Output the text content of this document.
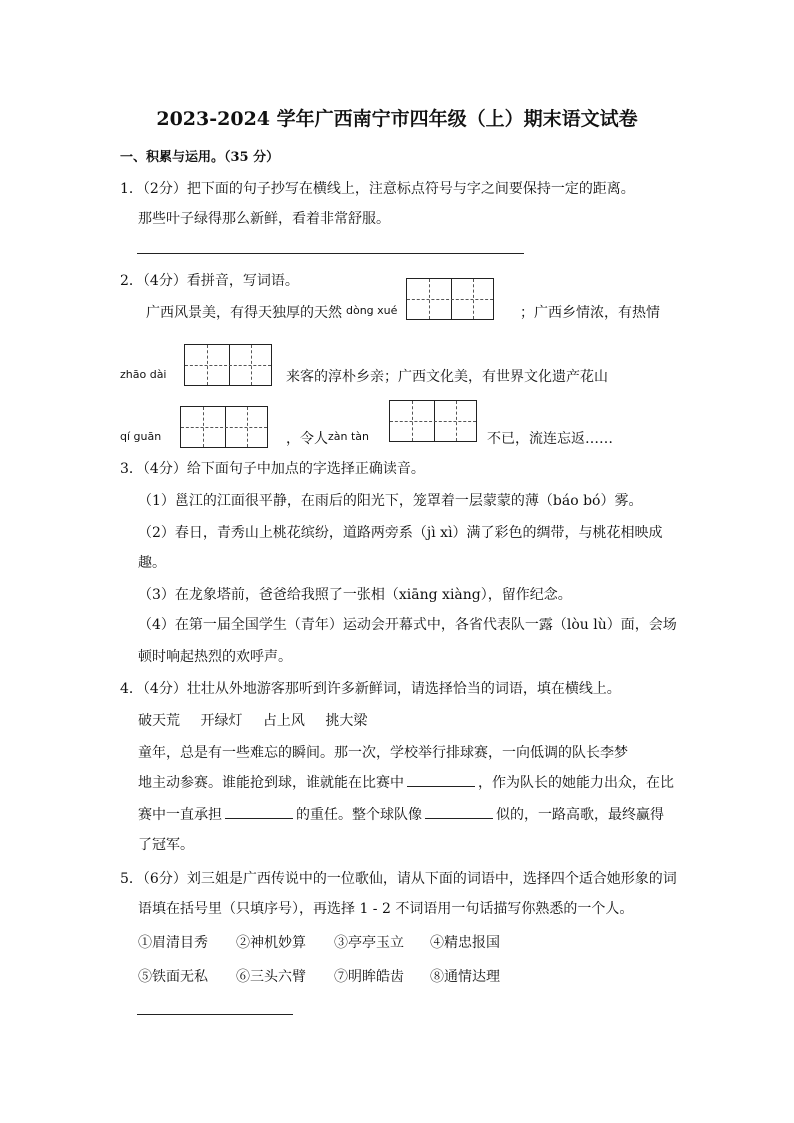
2023-2024 学年广西南宁市四年级（上）期末语文试卷
一、积累与运用。（35 分）
1．（2分）把下面的句子抄写在横线上，注意标点符号与字之间要保持一定的距离。
那些叶子绿得那么新鲜，看着非常舒服。
2．（4分）看拼音，写词语。
广西风景美，有得天独厚的天然 dòng xué	；广西乡情浓，有热情
zhāo dài	来客的淳朴乡亲；广西文化美，有世界文化遗产花山
qí guān	，令人 zàn tàn	不已，流连忘返……
3．（4分）给下面句子中加点的字选择正确读音。
（1）邕江的江面很平静，在雨后的阳光下，笼罩着一层蒙蒙的薄（báo bó）雾。
（2）春日，青秀山上桃花缤纷，道路两旁系（jì xì）满了彩色的绸带，与桃花相映成
趣。
（3）在龙象塔前，爸爸给我照了一张相（xiāng xiàng），留作纪念。
（4）在第一届全国学生（青年）运动会开幕式中，各省代表队一露（lòu lù）面，会场
顿时响起热烈的欢呼声。
4．（4分）壮壮从外地游客那听到许多新鲜词，请选择恰当的词语，填在横线上。
破天荒 开绿灯 占上风 挑大梁
童年，总是有一些难忘的瞬间。那一次，学校举行排球赛，一向低调的队长李梦
地主动参赛。谁能抢到球，谁就能在比赛中	，作为队长的她能力出众，在比
赛中一直承担	的重任。整个球队像	似的，一路高歌，最终赢得
了冠军。
5．（6分）刘三姐是广西传说中的一位歌仙，请从下面的词语中，选择四个适合她形象的词
语填在括号里（只填序号），再选择 1 - 2 不词语用一句话描写你熟悉的一个人。
①眉清目秀 ②神机妙算 ③亭亭玉立 ④精忠报国
⑤铁面无私 ⑥三头六臂 ⑦明眸皓齿 ⑧通情达理
